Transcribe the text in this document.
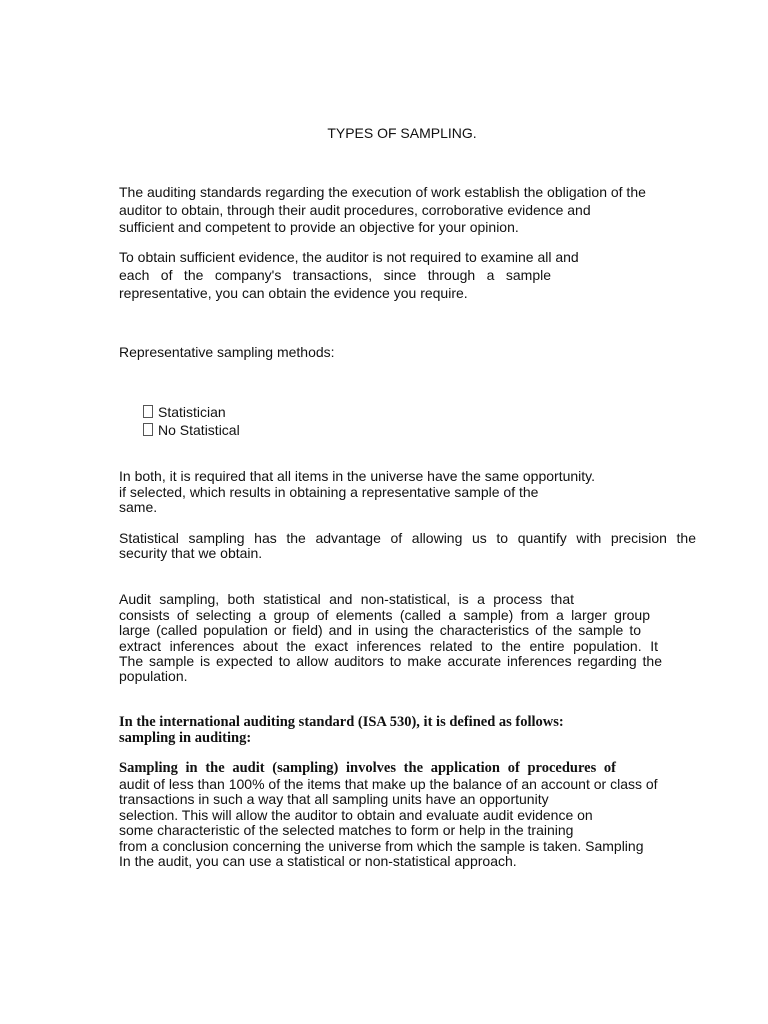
TYPES OF SAMPLING.
The auditing standards regarding the execution of work establish the obligation of the
auditor to obtain, through their audit procedures, corroborative evidence and
sufficient and competent to provide an objective for your opinion.
To obtain sufficient evidence, the auditor is not required to examine all and
each of the company's transactions, since through a sample
representative, you can obtain the evidence you require.
Representative sampling methods:
Statistician
No Statistical
In both, it is required that all items in the universe have the same opportunity.
if selected, which results in obtaining a representative sample of the
same.
Statistical sampling has the advantage of allowing us to quantify with precision the
security that we obtain.
Audit sampling, both statistical and non-statistical, is a process that
consists of selecting a group of elements (called a sample) from a larger group
large (called population or field) and in using the characteristics of the sample to
extract inferences about the exact inferences related to the entire population. It
The sample is expected to allow auditors to make accurate inferences regarding the
population.
In the international auditing standard (ISA 530), it is defined as follows:
sampling in auditing:
Sampling in the audit (sampling) involves the application of procedures of
audit of less than 100% of the items that make up the balance of an account or class of
transactions in such a way that all sampling units have an opportunity
selection. This will allow the auditor to obtain and evaluate audit evidence on
some characteristic of the selected matches to form or help in the training
from a conclusion concerning the universe from which the sample is taken. Sampling
In the audit, you can use a statistical or non-statistical approach.
